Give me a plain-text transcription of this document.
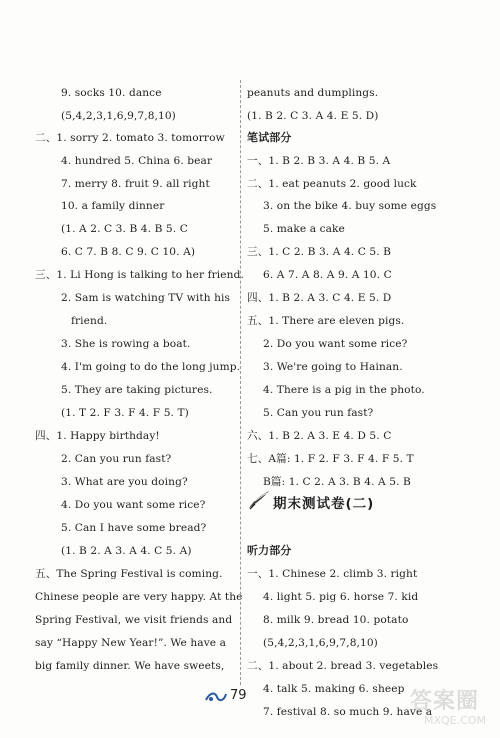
9. socks 10. dance
(5,4,2,3,1,6,9,7,8,10)
二、1. sorry 2. tomato 3. tomorrow
4. hundred 5. China 6. bear
7. merry 8. fruit 9. all right
10. a family dinner
(1. A 2. C 3. B 4. B 5. C
6. C 7. B 8. C 9. C 10. A)
三、1. Li Hong is talking to her friend.
2. Sam is watching TV with his
friend.
3. She is rowing a boat.
4. I'm going to do the long jump.
5. They are taking pictures.
(1. T 2. F 3. F 4. F 5. T)
四、1. Happy birthday!
2. Can you run fast?
3. What are you doing?
4. Do you want some rice?
5. Can I have some bread?
(1. B 2. A 3. A 4. C 5. A)
五、The Spring Festival is coming.
Chinese people are very happy. At the
Spring Festival, we visit friends and
say “Happy New Year!”. We have a
big family dinner. We have sweets,
peanuts and dumplings.
(1. B 2. C 3. A 4. E 5. D)
笔试部分
一、1. B 2. B 3. A 4. B 5. A
二、1. eat peanuts 2. good luck
3. on the bike 4. buy some eggs
5. make a cake
三、1. C 2. B 3. A 4. C 5. B
6. A 7. A 8. A 9. A 10. C
四、1. B 2. A 3. C 4. E 5. D
五、1. There are eleven pigs.
2. Do you want some rice?
3. We're going to Hainan.
4. There is a pig in the photo.
5. Can you run fast?
六、1. B 2. A 3. E 4. D 5. C
七、A篇: 1. F 2. F 3. F 4. F 5. T
B篇: 1. C 2. A 3. B 4. A 5. B
听力部分
一、1. Chinese 2. climb 3. right
4. light 5. pig 6. horse 7. kid
8. milk 9. bread 10. potato
(5,4,2,3,1,6,9,7,8,10)
二、1. about 2. bread 3. vegetables
4. talk 5. making 6. sheep
7. festival 8. so much 9. have a
期末测试卷(二)
79	答案圈
MXQE.COM
